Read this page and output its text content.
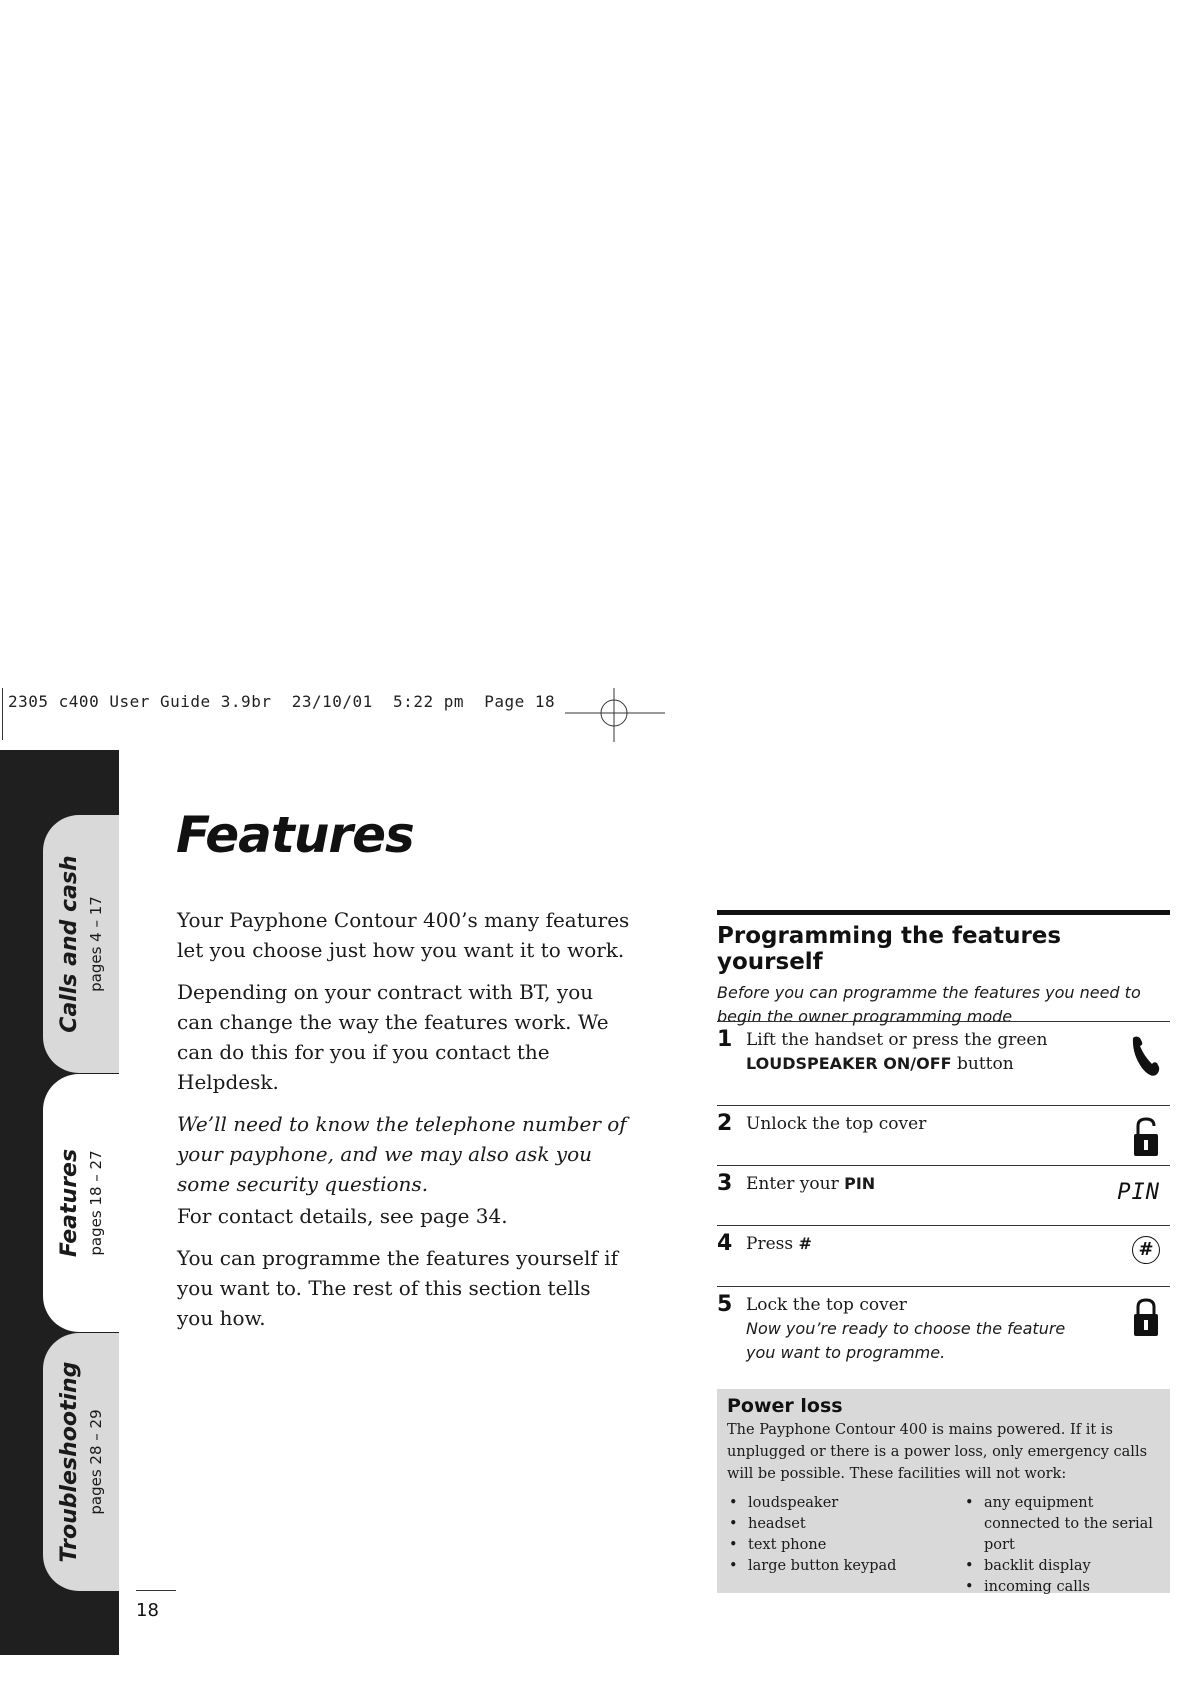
2305 c400 User Guide 3.9br  23/10/01  5:22 pm  Page 18
Calls and cash pages 4 – 17
Features pages 18 – 27
Troubleshooting pages 28 – 29
18
Features

Your Payphone Contour 400’s many features let you choose just how you want it to work.

Depending on your contract with BT, you can change the way the features work. We can do this for you if you contact the Helpdesk.

We’ll need to know the telephone number of your payphone, and we may also ask you some security questions.

For contact details, see page 34.

You can programme the features yourself if you want to. The rest of this section tells you how.

Programming the features yourself

Before you can programme the features you need to begin the owner programming mode

1 Lift the handset or press the green
LOUDSPEAKER ON/OFF button
2 Unlock the top cover
3 Enter your PIN	PIN
4 Press #	#
5 Lock the top cover
Now you’re ready to choose the feature you want to programme.
Power loss

The Payphone Contour 400 is mains powered. If it is unplugged or there is a power loss, only emergency calls will be possible. These facilities will not work:

• loudspeaker
• headset
• text phone
• large button keypad
• any equipment connected to the serial port
• backlit display
• incoming calls
